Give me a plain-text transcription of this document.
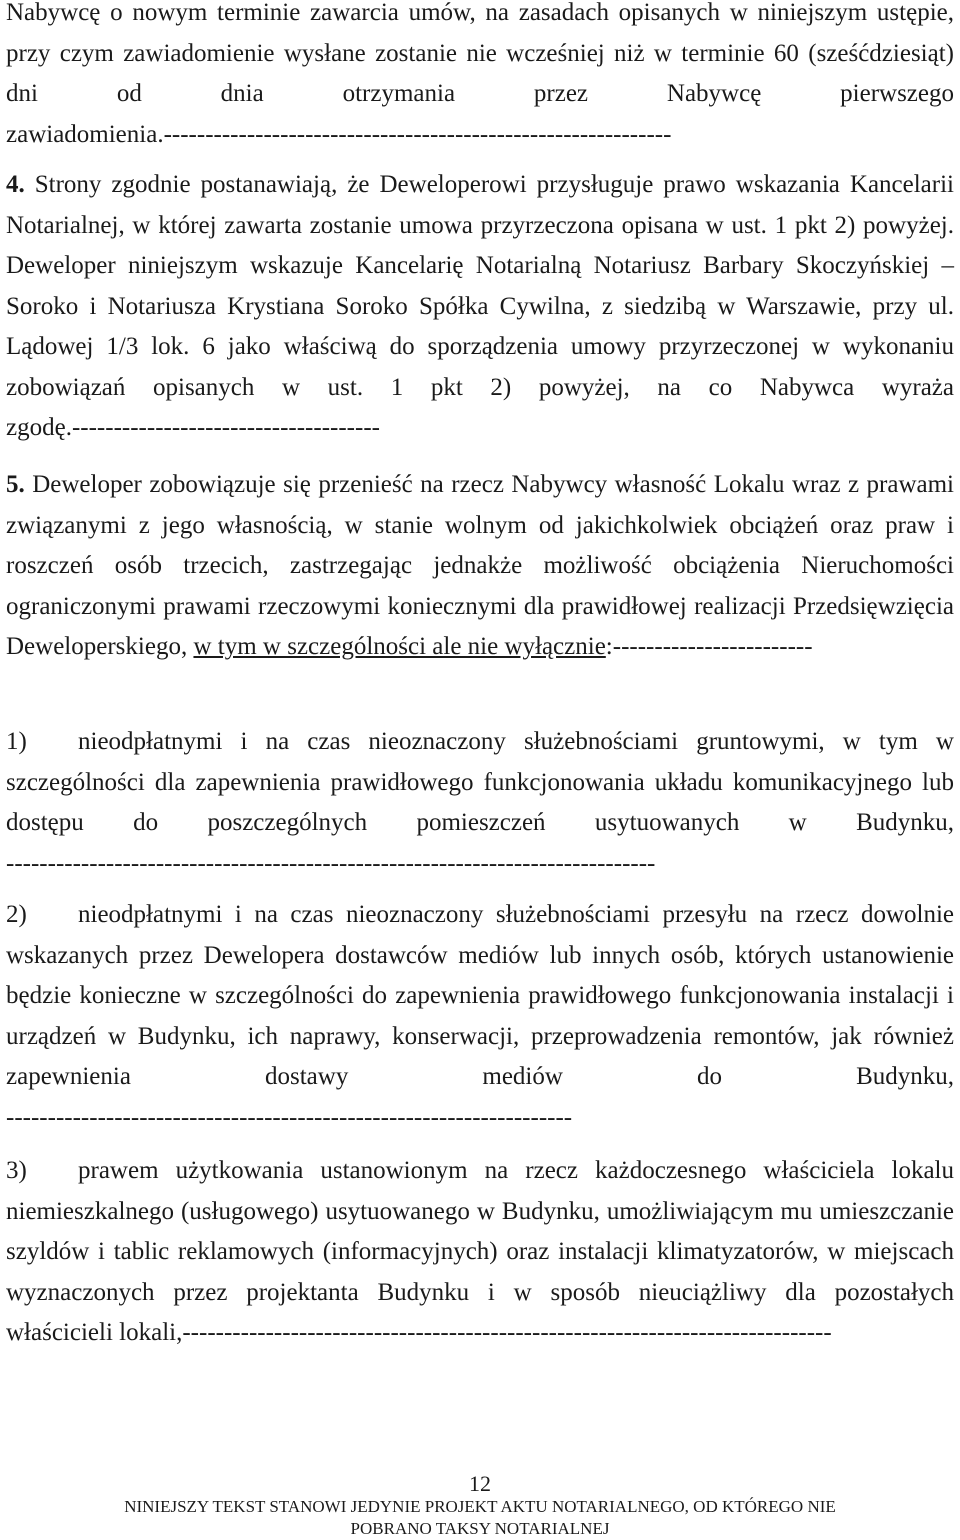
Nabywcę o nowym terminie zawarcia umów, na zasadach opisanych w niniejszym ustępie, przy czym zawiadomienie wysłane zostanie nie wcześniej niż w terminie 60 (sześćdziesiąt) dni od dnia otrzymania przez Nabywcę pierwszego zawiadomienia.-------------------------------------------------------------

4. Strony zgodnie postanawiają, że Deweloperowi przysługuje prawo wskazania Kancelarii Notarialnej, w której zawarta zostanie umowa przyrzeczona opisana w ust. 1 pkt 2) powyżej. Deweloper niniejszym wskazuje Kancelarię Notarialną Notariusz Barbary Skoczyńskiej – Soroko i Notariusza Krystiana Soroko Spółka Cywilna, z siedzibą w Warszawie, przy ul. Lądowej 1/3 lok. 6 jako właściwą do sporządzenia umowy przyrzeczonej w wykonaniu zobowiązań opisanych w ust. 1 pkt 2) powyżej, na co Nabywca wyraża zgodę.-------------------------------------

5. Deweloper zobowiązuje się przenieść na rzecz Nabywcy własność Lokalu wraz z prawami związanymi z jego własnością, w stanie wolnym od jakichkolwiek obciążeń oraz praw i roszczeń osób trzecich, zastrzegając jednakże możliwość obciążenia Nieruchomości ograniczonymi prawami rzeczowymi koniecznymi dla prawidłowej realizacji Przedsięwzięcia Deweloperskiego, w tym w szczególności ale nie wyłącznie:------------------------

1) nieodpłatnymi i na czas nieoznaczony służebnościami gruntowymi, w tym w szczególności dla zapewnienia prawidłowego funkcjonowania układu komunikacyjnego lub dostępu do poszczególnych pomieszczeń usytuowanych w Budynku, ------------------------------------------------------------------------------

2) nieodpłatnymi i na czas nieoznaczony służebnościami przesyłu na rzecz dowolnie wskazanych przez Dewelopera dostawców mediów lub innych osób, których ustanowienie będzie konieczne w szczególności do zapewnienia prawidłowego funkcjonowania instalacji i urządzeń w Budynku, ich naprawy, konserwacji, przeprowadzenia remontów, jak również zapewnienia dostawy mediów do Budynku, --------------------------------------------------------------------

3) prawem użytkowania ustanowionym na rzecz każdoczesnego właściciela lokalu niemieszkalnego (usługowego) usytuowanego w Budynku, umożliwiającym mu umieszczanie szyldów i tablic reklamowych (informacyjnych) oraz instalacji klimatyzatorów, w miejscach wyznaczonych przez projektanta Budynku i w sposób nieuciążliwy dla pozostałych właścicieli lokali,------------------------------------------------------------------------------

12
NINIEJSZY TEKST STANOWI JEDYNIE PROJEKT AKTU NOTARIALNEGO, OD KTÓREGO NIE
POBRANO TAKSY NOTARIALNEJ
